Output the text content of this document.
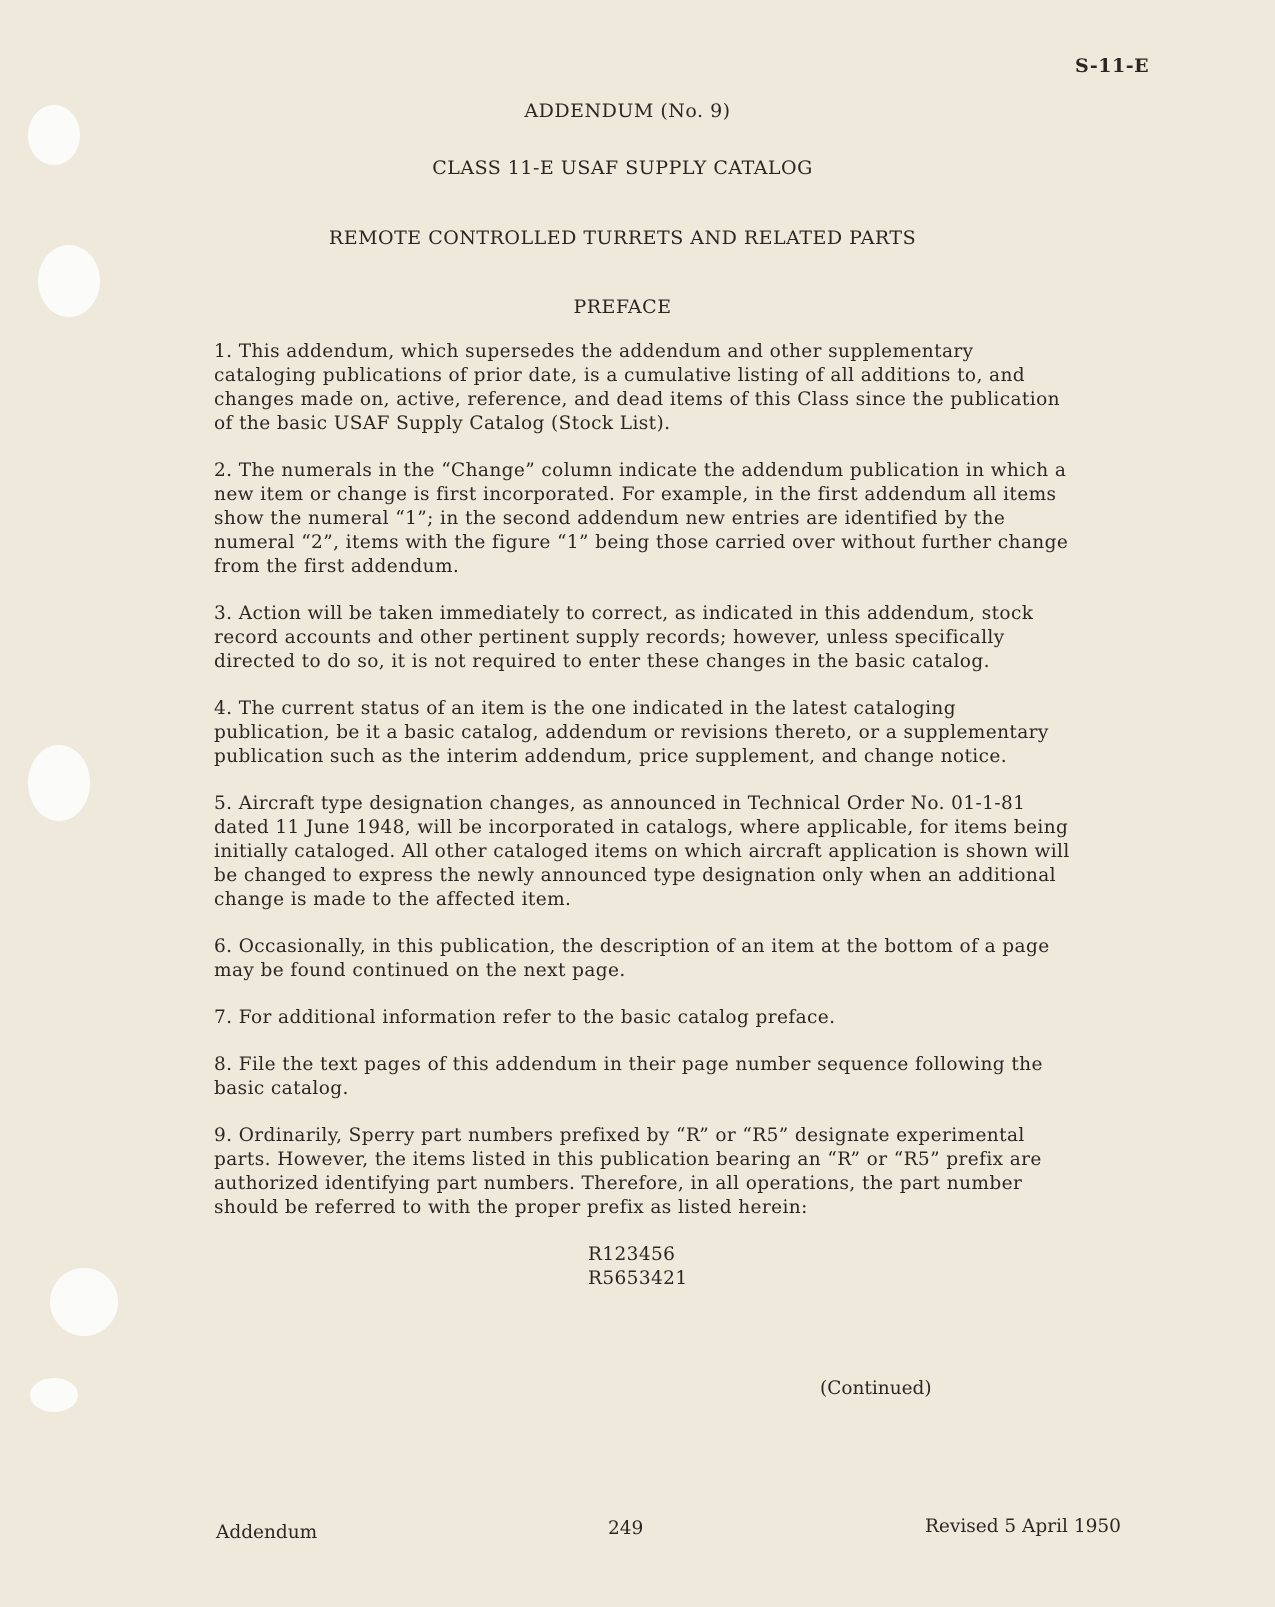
S-11-E
ADDENDUM (No. 9)
CLASS 11-E USAF SUPPLY CATALOG
REMOTE CONTROLLED TURRETS AND RELATED PARTS
PREFACE

1. This addendum, which supersedes the addendum and other supplementary cataloging publications of prior date, is a cumulative listing of all additions to, and changes made on, active, reference, and dead items of this Class since the publication of the basic USAF Supply Catalog (Stock List).

2. The numerals in the “Change” column indicate the addendum publication in which a new item or change is first incorporated. For example, in the first addendum all items show the numeral “1”; in the second addendum new entries are identified by the numeral “2”, items with the figure “1” being those carried over without further change from the first addendum.

3. Action will be taken immediately to correct, as indicated in this addendum, stock record accounts and other pertinent supply records; however, unless specifically directed to do so, it is not required to enter these changes in the basic catalog.

4. The current status of an item is the one indicated in the latest cataloging publication, be it a basic catalog, addendum or revisions thereto, or a supplementary publication such as the interim addendum, price supplement, and change notice.

5. Aircraft type designation changes, as announced in Technical Order No. 01-1-81 dated 11 June 1948, will be incorporated in catalogs, where applicable, for items being initially cataloged. All other cataloged items on which aircraft application is shown will be changed to express the newly announced type designation only when an additional change is made to the affected item.

6. Occasionally, in this publication, the description of an item at the bottom of a page may be found continued on the next page.

7. For additional information refer to the basic catalog preface.

8. File the text pages of this addendum in their page number sequence following the basic catalog.

9. Ordinarily, Sperry part numbers prefixed by “R” or “R5” designate experimental parts. However, the items listed in this publication bearing an “R” or “R5” prefix are authorized identifying part numbers. Therefore, in all operations, the part number should be referred to with the proper prefix as listed herein:

R123456
R5653421
(Continued)
Addendum	249	Revised 5 April 1950
